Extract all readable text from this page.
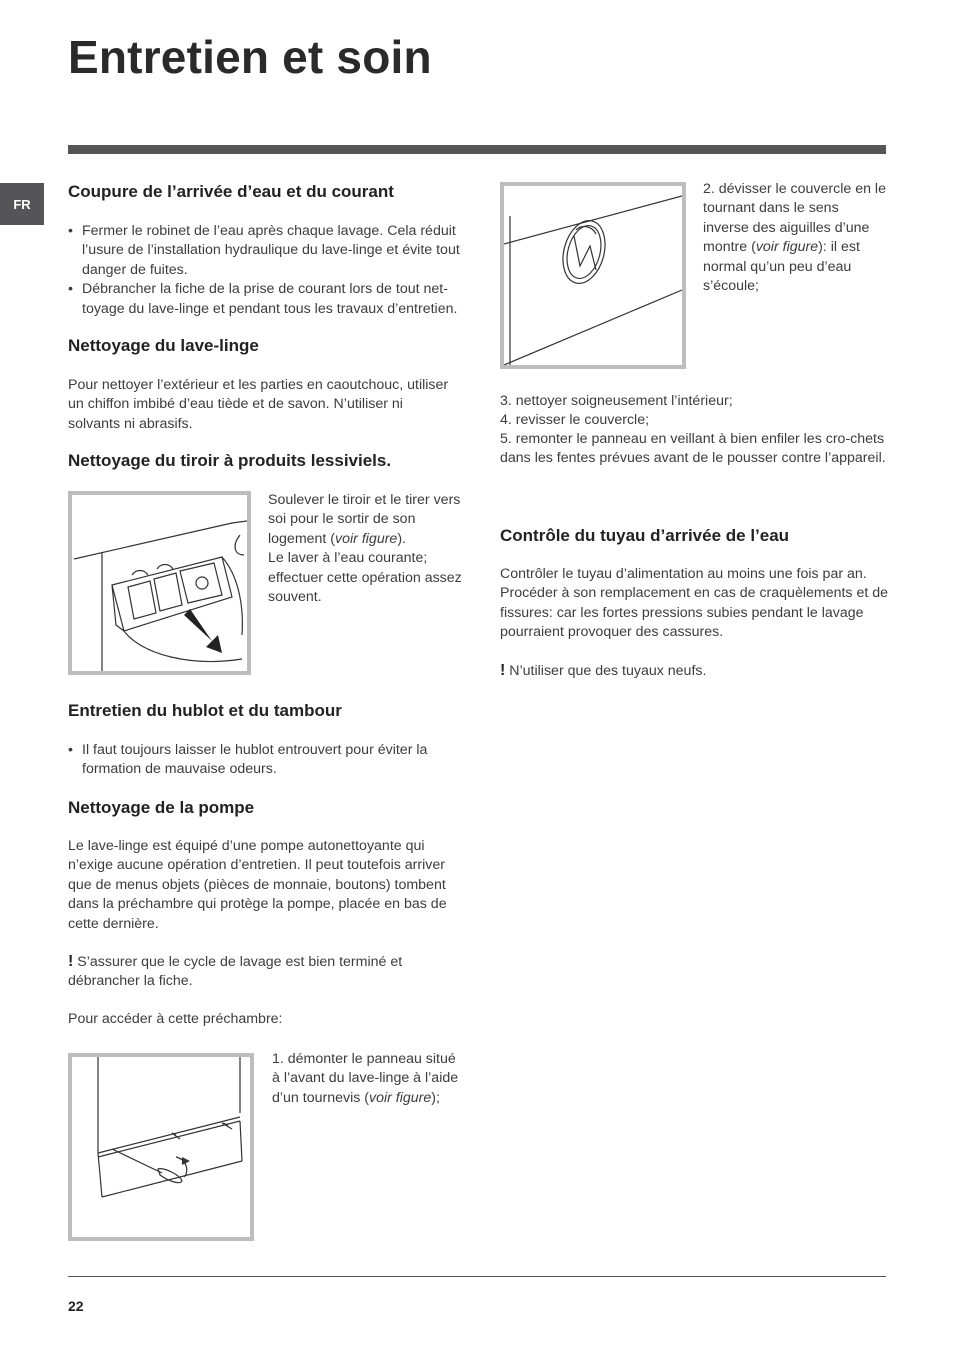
Entretien et soin
FR
Coupure de l’arrivée d’eau et du courant
• Fermer le robinet de l’eau après chaque lavage. Cela réduit l’usure de l’installation hydraulique du lave-linge et évite tout danger de fuites.
• Débrancher la fiche de la prise de courant lors de tout net-toyage du lave-linge et pendant tous les travaux d’entretien.
Nettoyage du lave-linge

Pour nettoyer l’extérieur et les parties en caoutchouc, utiliser un chiffon imbibé d’eau tiède et de savon. N’utiliser ni solvants ni abrasifs.

Nettoyage du tiroir à produits lessiviels.

Soulever le tiroir et le tirer vers soi pour le sortir de son logement (voir figure).
Le laver à l’eau courante; effectuer cette opération assez souvent.

Entretien du hublot et du tambour
• Il faut toujours laisser le hublot entrouvert pour éviter la formation de mauvaise odeurs.
Nettoyage de la pompe

Le lave-linge est équipé d’une pompe autonettoyante qui n’exige aucune opération d’entretien. Il peut toutefois arriver que de menus objets (pièces de monnaie, boutons) tombent dans la préchambre qui protège la pompe, placée en bas de cette dernière.

! S’assurer que le cycle de lavage est bien terminé et débrancher la fiche.

Pour accéder à cette préchambre:

1. démonter le panneau situé à l’avant du lave-linge à l’aide d’un tournevis (voir figure);

2. dévisser le couvercle en le tournant dans le sens inverse des aiguilles d’une montre (voir figure): il est normal qu’un peu d’eau s’écoule;

3. nettoyer soigneusement l’intérieur;

4. revisser le couvercle;

5. remonter le panneau en veillant à bien enfiler les cro-chets dans les fentes prévues avant de le pousser contre l’appareil.

Contrôle du tuyau d’arrivée de l’eau

Contrôler le tuyau d’alimentation au moins une fois par an. Procéder à son remplacement en cas de craquèlements et de fissures: car les fortes pressions subies pendant le lavage pourraient provoquer des cassures.

! N’utiliser que des tuyaux neufs.

22
